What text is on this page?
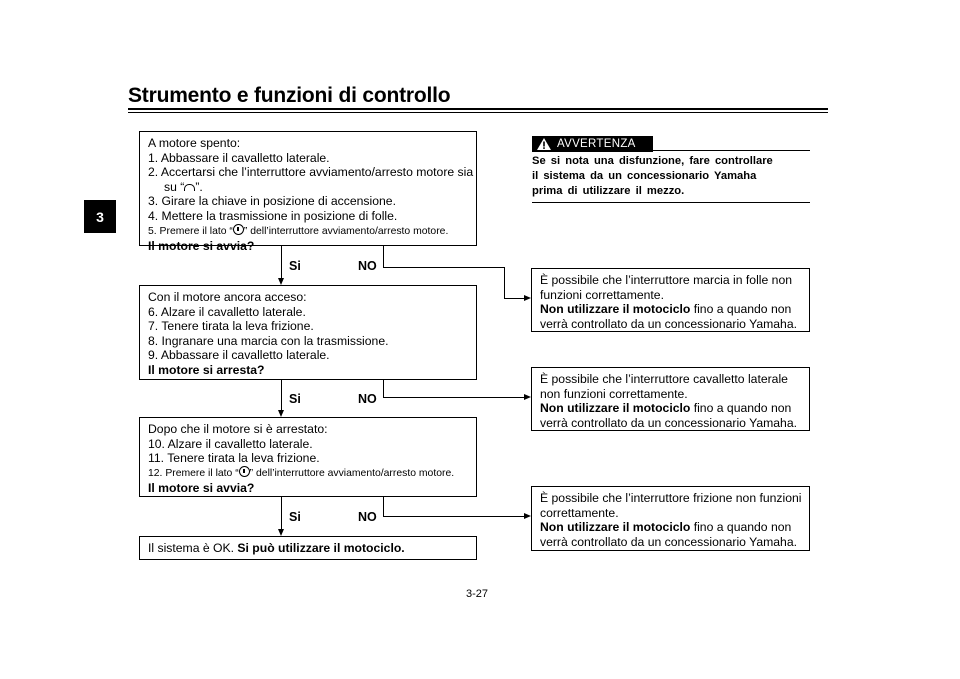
Strumento e funzioni di controllo
3

A motore spento:

1. Abbassare il cavalletto laterale.

2. Accertarsi che l’interruttore avviamento/arresto motore sia

su “ ”.

3. Girare la chiave in posizione di accensione.

4. Mettere la trasmissione in posizione di folle.

5. Premere il lato “ ” dell’interruttore avviamento/arresto motore.

Il motore si avvia?

Si	NO

Con il motore ancora acceso:

6. Alzare il cavalletto laterale.

7. Tenere tirata la leva frizione.

8. Ingranare una marcia con la trasmissione.

9. Abbassare il cavalletto laterale.

Il motore si arresta?

Si	NO

Dopo che il motore si è arrestato:

10. Alzare il cavalletto laterale.

11. Tenere tirata la leva frizione.

12. Premere il lato “ ” dell’interruttore avviamento/arresto motore.

Il motore si avvia?

Si	NO

Il sistema è OK. Si può utilizzare il motociclo.

AVVERTENZA

Se si nota una disfunzione, fare controllare

il sistema da un concessionario Yamaha

prima di utilizzare il mezzo.

È possibile che l’interruttore marcia in folle non

funzioni correttamente.

Non utilizzare il motociclo fino a quando non

verrà controllato da un concessionario Yamaha.

È possibile che l’interruttore cavalletto laterale

non funzioni correttamente.

Non utilizzare il motociclo fino a quando non

verrà controllato da un concessionario Yamaha.

È possibile che l’interruttore frizione non funzioni

correttamente.

Non utilizzare il motociclo fino a quando non

verrà controllato da un concessionario Yamaha.

3-27
